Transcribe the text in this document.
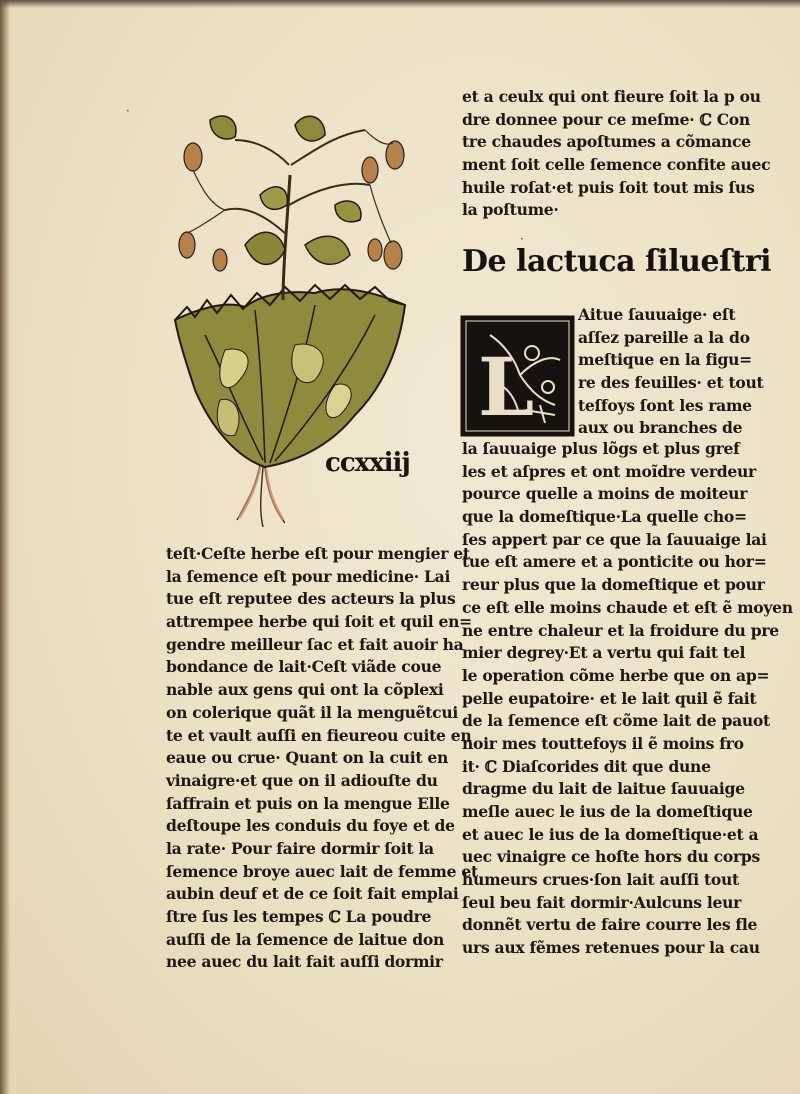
ccxxiij
teſt·Ceſte herbe eſt pour mengier et
la ſemence eſt pour medicine· Lai
tue eſt reputee des acteurs la plus
attrempee herbe qui ſoit et quil en=
gendre meilleur ſac et fait auoir ha
bondance de lait·Ceſt viãde coue
nable aux gens qui ont la cõplexi
on colerique quãt il la menguẽtcui
te et vault auſſi en fieureou cuite en
eaue ou crue· Quant on la cuit en
vinaigre·et que on il adiouſte du
ſaffrain et puis on la mengue Elle
deſtoupe les conduis du foye et de
la rate· Pour faire dormir ſoit la
ſemence broye auec lait de femme et
aubin deuf et de ce ſoit fait emplai
ſtre ſus les tempes ℂ La poudre
auſſi de la ſemence de laitue don
nee auec du lait fait auſſi dormir
et a ceulx qui ont fieure ſoit la p ou
dre donnee pour ce meſme· ℂ Con
tre chaudes apoſtumes a cõmance
ment ſoit celle ſemence confite auec
huile roſat·et puis ſoit tout mis ſus
la poſtume·
De lactuca ſilueſtri
L
Aitue ſauuaige· eſt
aſſez pareille a la do
meſtique en la figu=
re des feuilles· et tout
teſfoys ſont les rame
aux ou branches de
la ſauuaige plus lõgs et plus gref
les et aſpres et ont moĩdre verdeur
pource quelle a moins de moiteur
que la domeſtique·La quelle cho=
ſes appert par ce que la ſauuaige lai
tue eſt amere et a ponticite ou hor=
reur plus que la domeſtique et pour
ce eſt elle moins chaude et eſt ẽ moyen
ne entre chaleur et la froidure du pre
mier degrey·Et a vertu qui fait tel
le operation cõme herbe que on ap=
pelle eupatoire· et le lait quil ẽ fait
de la ſemence eſt cõme lait de pauot
noir mes touttefoys il ẽ moins fro
it· ℂ Diaſcorides dit que dune
dragme du lait de laitue ſauuaige
meſle auec le ius de la domeſtique
et auec le ius de la domeſtique·et a
uec vinaigre ce hoſte hors du corps
humeurs crues·ſon lait auſſi tout
ſeul beu fait dormir·Aulcuns leur
donnẽt vertu de faire courre les fle
urs aux fẽmes retenues pour la cau
·
·
